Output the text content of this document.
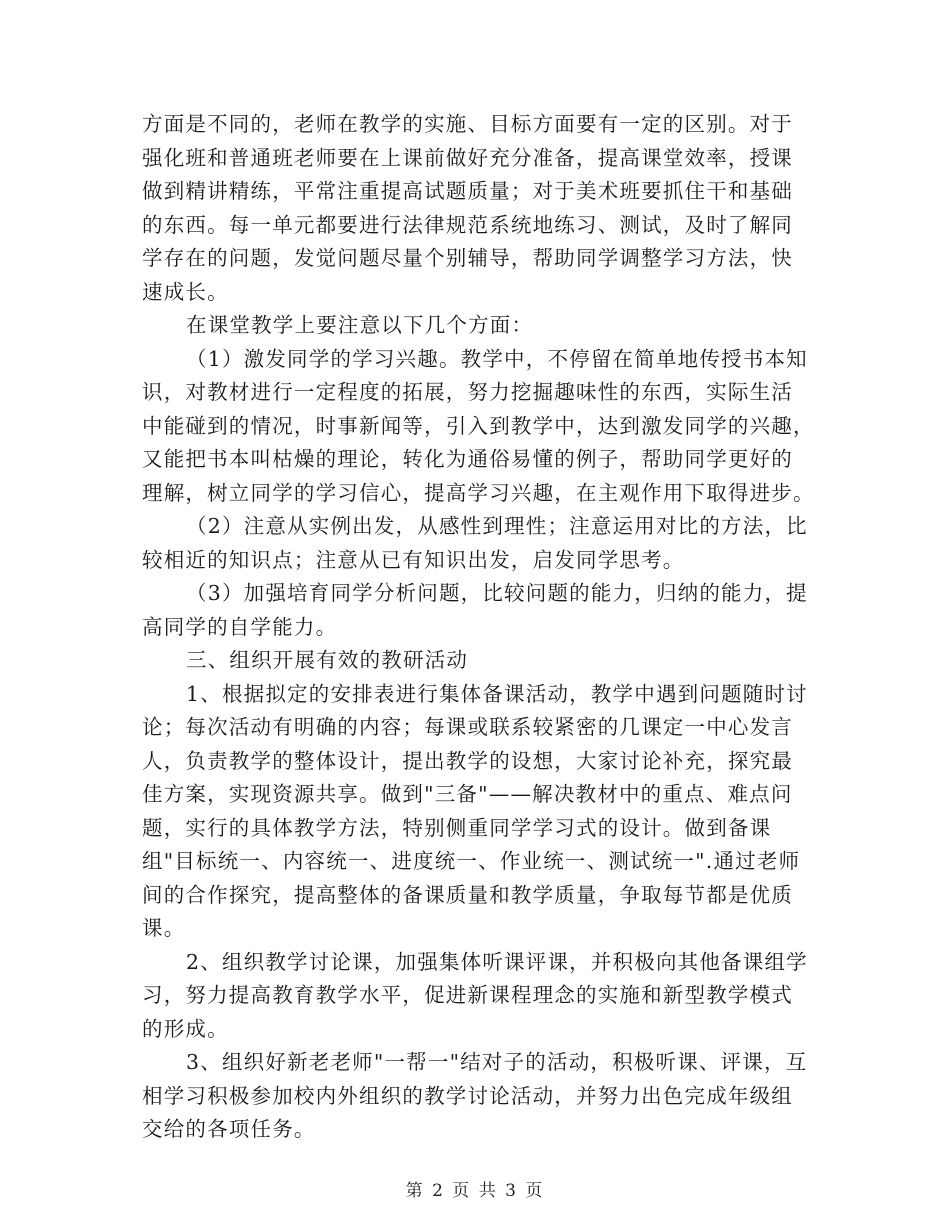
方面是不同的，老师在教学的实施、目标方面要有一定的区别。对于
强化班和普通班老师要在上课前做好充分准备，提高课堂效率，授课
做到精讲精练，平常注重提高试题质量；对于美术班要抓住干和基础
的东西。每一单元都要进行法律规范系统地练习、测试，及时了解同
学存在的问题，发觉问题尽量个别辅导，帮助同学调整学习方法，快
速成长。
在课堂教学上要注意以下几个方面：
（1）激发同学的学习兴趣。教学中，不停留在简单地传授书本知
识，对教材进行一定程度的拓展，努力挖掘趣味性的东西，实际生活
中能碰到的情况，时事新闻等，引入到教学中，达到激发同学的兴趣，
又能把书本叫枯燥的理论，转化为通俗易懂的例子，帮助同学更好的
理解，树立同学的学习信心，提高学习兴趣，在主观作用下取得进步。
（2）注意从实例出发，从感性到理性；注意运用对比的方法，比
较相近的知识点；注意从已有知识出发，启发同学思考。
（3）加强培育同学分析问题，比较问题的能力，归纳的能力，提
高同学的自学能力。
三、组织开展有效的教研活动
1、根据拟定的安排表进行集体备课活动，教学中遇到问题随时讨
论；每次活动有明确的内容；每课或联系较紧密的几课定一中心发言
人，负责教学的整体设计，提出教学的设想，大家讨论补充，探究最
佳方案，实现资源共享。做到"三备"——解决教材中的重点、难点问
题，实行的具体教学方法，特别侧重同学学习式的设计。做到备课
组"目标统一、内容统一、进度统一、作业统一、测试统一".通过老师
间的合作探究，提高整体的备课质量和教学质量，争取每节都是优质
课。
2、组织教学讨论课，加强集体听课评课，并积极向其他备课组学
习，努力提高教育教学水平，促进新课程理念的实施和新型教学模式
的形成。
3、组织好新老老师"一帮一"结对子的活动，积极听课、评课，互
相学习积极参加校内外组织的教学讨论活动，并努力出色完成年级组
交给的各项任务。
第 2 页 共 3 页
